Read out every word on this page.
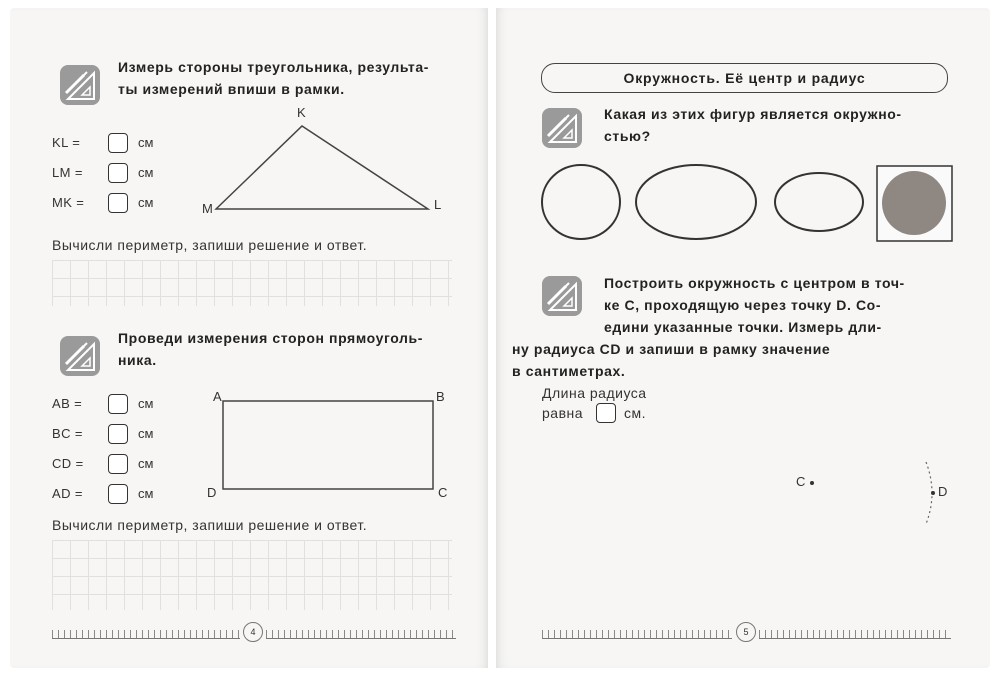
Измерь стороны треугольника, результа-
ты измерений впиши в рамки.
KL =	см
LM =	см
MK =	см
K
M	L
Вычисли периметр, запиши решение и ответ.
Проведи измерения сторон прямоуголь-
ника.
AB =	см
BC =	см
CD =	см
AD =	см
A	B
C
D
Вычисли периметр, запиши решение и ответ.
4
Окружность. Её центр и радиус
Какая из этих фигур является окружно-
стью?
Построить окружность с центром в точ-
ке C, проходящую через точку D. Со-
едини указанные точки. Измерь дли-
ну радиуса CD и запиши в рамку значение
в сантиметрах.
Длина радиуса
равна	см.
C
D
5
